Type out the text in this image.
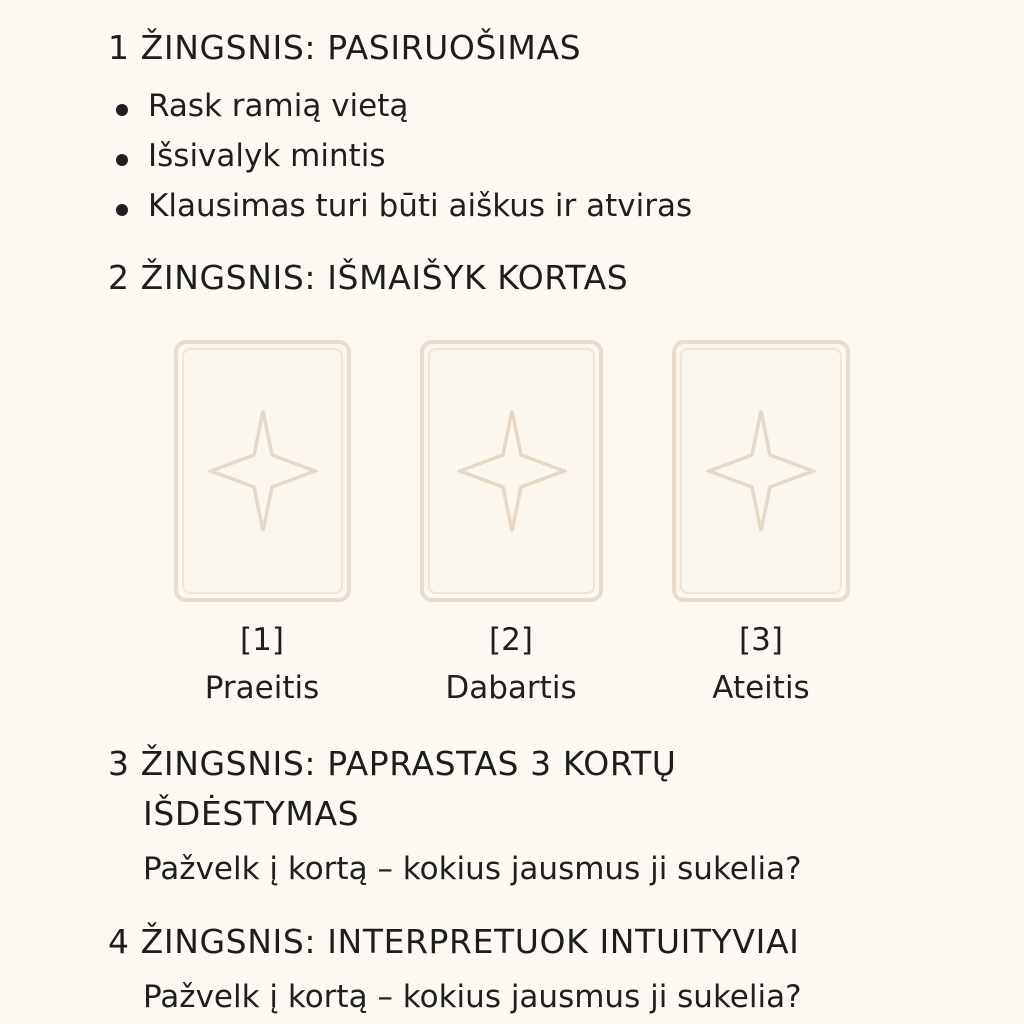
1 ŽINGSNIS: PASIRUOŠIMAS
Rask ramią vietą
Išsivalyk mintis
Klausimas turi būti aiškus ir atviras
2 ŽINGSNIS: IŠMAIŠYK KORTAS
[1]
Praeitis
[2]
Dabartis
[3]
Ateitis
3 ŽINGSNIS: PAPRASTAS 3 KORTŲ
IŠDĖSTYMAS
Pažvelk į kortą – kokius jausmus ji sukelia?
4 ŽINGSNIS: INTERPRETUOK INTUITYVIAI
Pažvelk į kortą – kokius jausmus ji sukelia?
